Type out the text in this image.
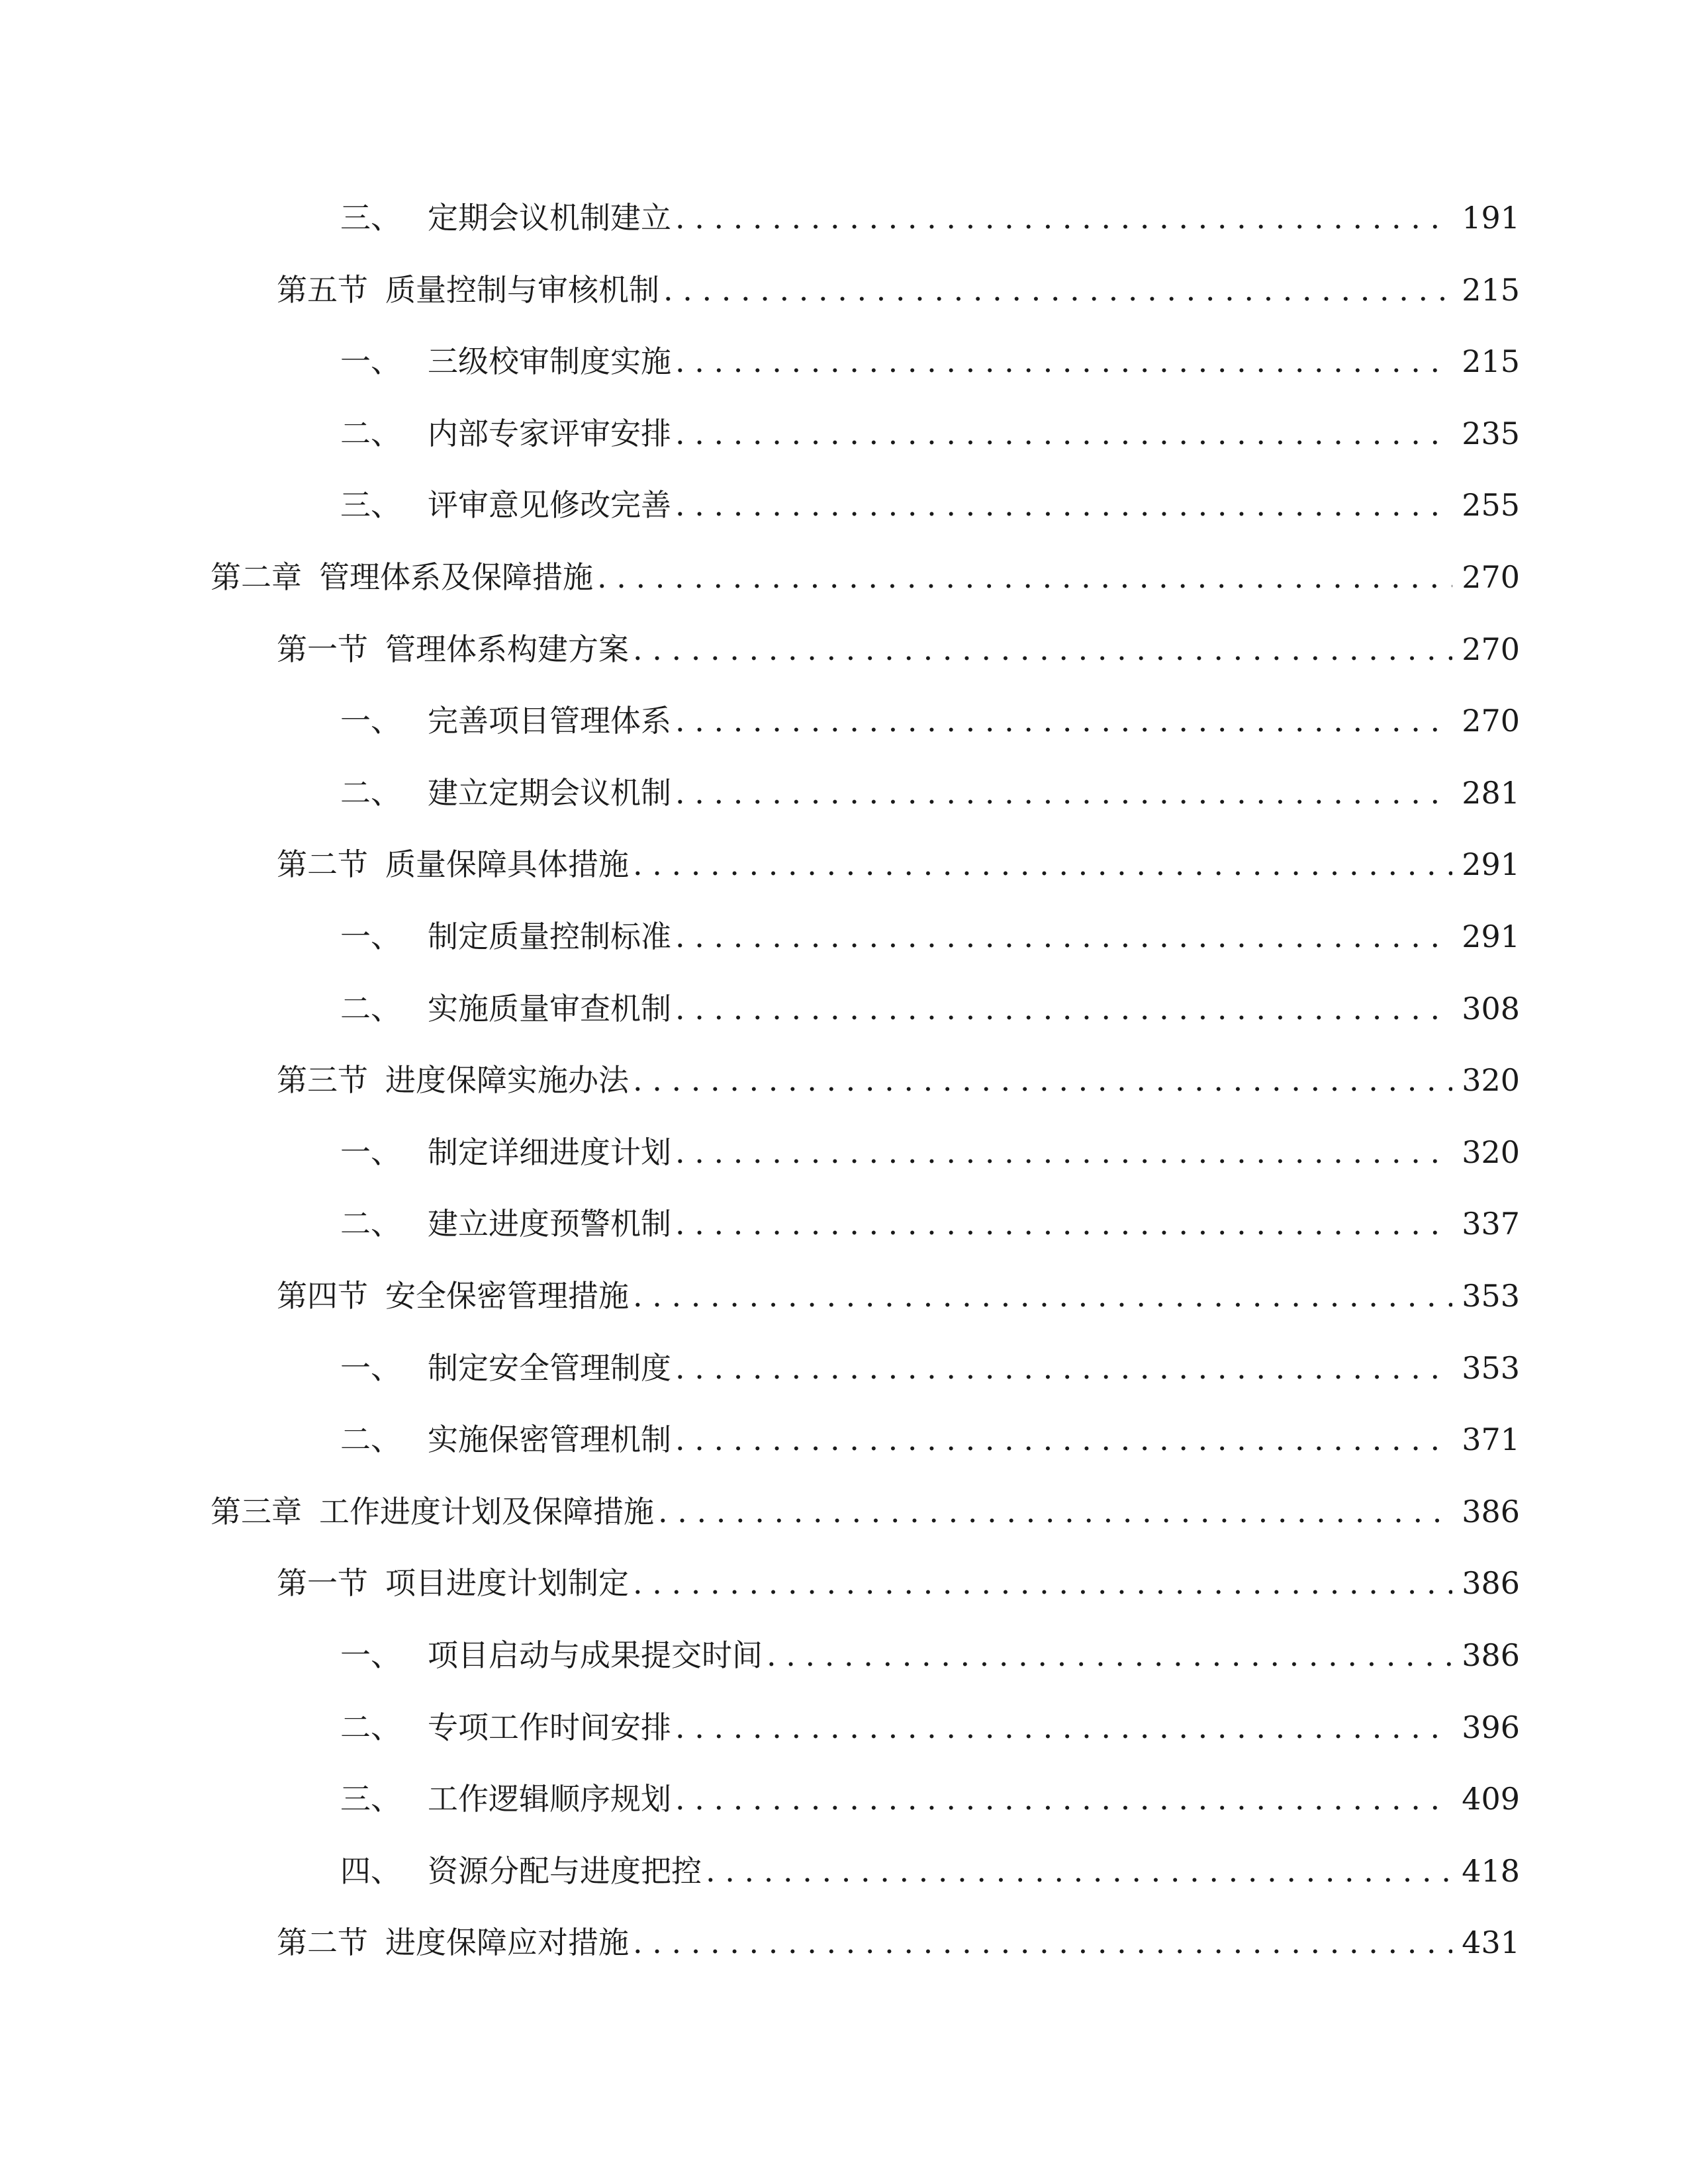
三、 定期会议机制建立 . . .	191
第五节 质量控制与审核机制 . . .	215
一、 三级校审制度实施 . . .	215
二、 内部专家评审安排 . . .	235
三、 评审意见修改完善 . . .	255
第二章 管理体系及保障措施 . . .	270
第一节 管理体系构建方案 . . .	270
一、 完善项目管理体系 . . .	270
二、 建立定期会议机制 . . .	281
第二节 质量保障具体措施 . . .	291
一、 制定质量控制标准 . . .	291
二、 实施质量审查机制 . . .	308
第三节 进度保障实施办法 . . .	320
一、 制定详细进度计划 . . .	320
二、 建立进度预警机制 . . .	337
第四节 安全保密管理措施 . . .	353
一、 制定安全管理制度 . . .	353
二、 实施保密管理机制 . . .	371
第三章 工作进度计划及保障措施 . . .	386
第一节 项目进度计划制定 . . .	386
一、 项目启动与成果提交时间 . . .	386
二、 专项工作时间安排 . . .	396
三、 工作逻辑顺序规划 . . .	409
四、 资源分配与进度把控 . . .	418
第二节 进度保障应对措施 . . .	431
